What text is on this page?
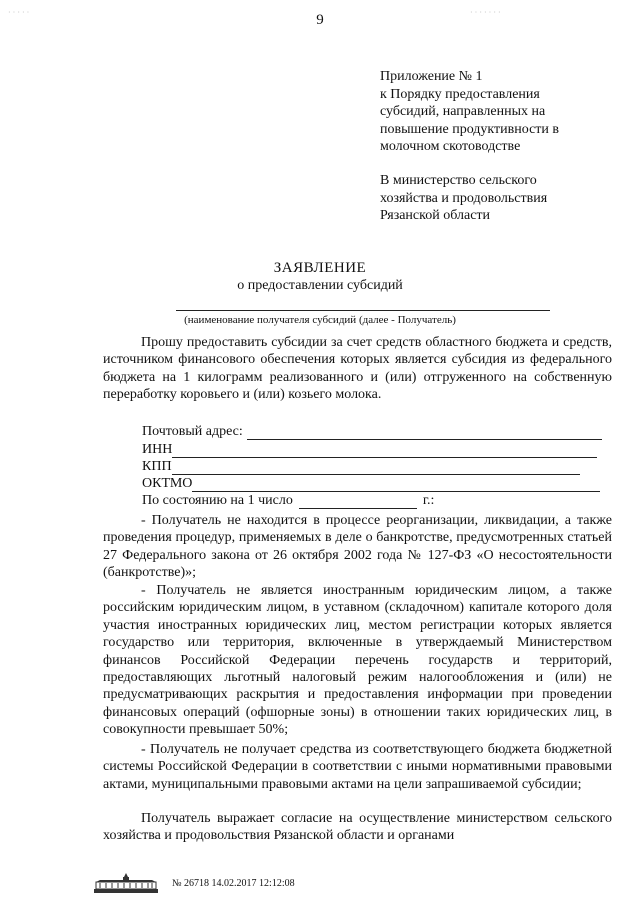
· · · · ·	· · · · · · ·
9
Приложение № 1
к Порядку предоставления
субсидий, направленных на
повышение продуктивности в
молочном скотоводстве
В министерство сельского
хозяйства и продовольствия
Рязанской области
ЗАЯВЛЕНИЕ
о предоставлении субсидий
(наименование получателя субсидий (далее - Получатель)
Прошу предоставить субсидии за счет средств областного бюджета и средств, источником финансового обеспечения которых является субсидия из федерального бюджета на 1 килограмм реализованного и (или) отгруженного на собственную переработку коровьего и (или) козьего молока.
Почтовый адрес:
ИНН
КПП
ОКТМО
По состоянию на 1 число	г.:
- Получатель не находится в процессе реорганизации, ликвидации, а также проведения процедур, применяемых в деле о банкротстве, предусмотренных статьей 27 Федерального закона от 26 октября 2002 года № 127-ФЗ «О несостоятельности (банкротстве)»;
- Получатель не является иностранным юридическим лицом, а также российским юридическим лицом, в уставном (складочном) капитале которого доля участия иностранных юридических лиц, местом регистрации которых является государство или территория, включенные в утверждаемый Министерством финансов Российской Федерации перечень государств и территорий, предоставляющих льготный налоговый режим налогообложения и (или) не предусматривающих раскрытия и предоставления информации при проведении финансовых операций (офшорные зоны) в отношении таких юридических лиц, в совокупности превышает 50%;
- Получатель не получает средства из соответствующего бюджета бюджетной системы Российской Федерации в соответствии с иными нормативными правовыми актами, муниципальными правовыми актами на цели запрашиваемой субсидии;
Получатель выражает согласие на осуществление министерством сельского хозяйства и продовольствия Рязанской области и органами
№ 26718 14.02.2017 12:12:08
